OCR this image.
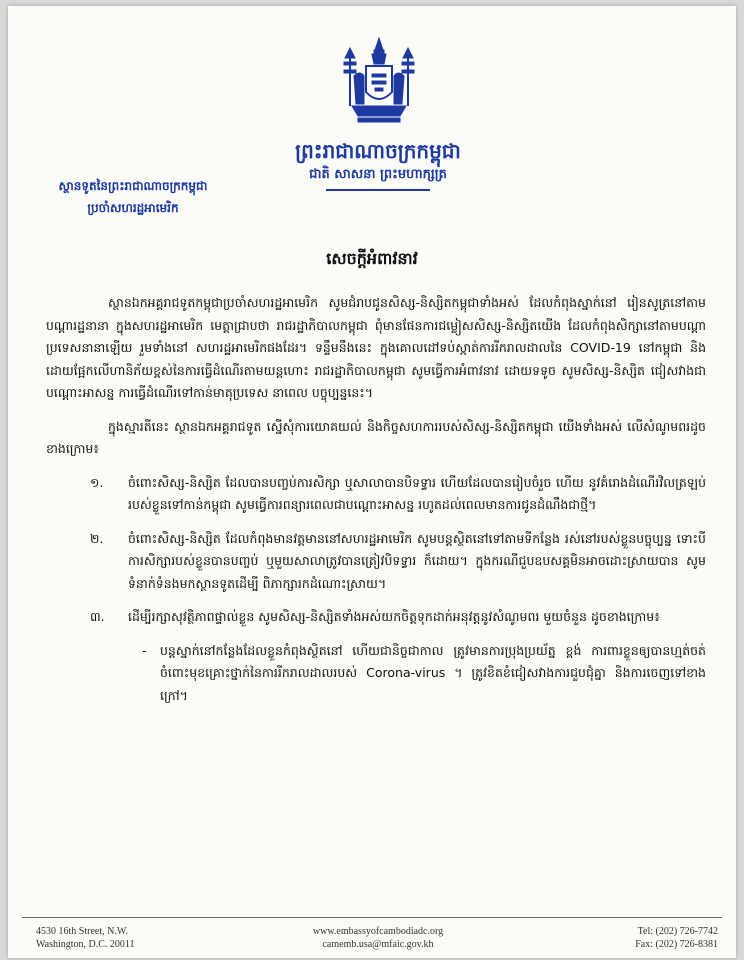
ព្រះរាជាណាចក្រកម្ពុជា
ជាតិ សាសនា ព្រះមហាក្សត្រ
ស្ថានទូតនៃព្រះរាជាណាចក្រកម្ពុជា
ប្រចាំសហរដ្ឋអាមេរិក
សេចក្តីអំពាវនាវ

ស្ថានឯកអគ្គរាជទូតកម្ពុជាប្រចាំសហរដ្ឋអាមេរិក សូមជំរាបជូនសិស្ស-និស្សិតកម្ពុជាទាំងអស់ ដែលកំពុងស្នាក់នៅ រៀនសូត្រនៅតាមបណ្តារដ្ឋនានា ក្នុងសហរដ្ឋអាមេរិក មេត្តាជ្រាបថា រាជរដ្ឋាភិបាលកម្ពុជា ពុំមានផែនការជម្លៀសសិស្ស-និស្សិតយើង ដែលកំពុងសិក្សានៅតាមបណ្តាប្រទេសនានាឡើយ រួមទាំងនៅ សហរដ្ឋអាមេរិកផងដែរ។ ទន្ទឹមនឹងនេះ ក្នុងគោលដៅទប់ស្កាត់ការរីករាលដាលនៃ COVID-19 នៅកម្ពុជា និងដោយផ្អែកលើហានិភ័យខ្ពស់នៃការធ្វើដំណើរតាមយន្តហោះ រាជរដ្ឋាភិបាលកម្ពុជា សូមធ្វើការអំពាវនាវ ដោយទទូច សូមសិស្ស-និស្សិត ជៀសវាងជាបណ្តោះអាសន្ន ការធ្វើដំណើរទៅកាន់មាតុប្រទេស នាពេល បច្ចុប្បន្ននេះ។

ក្នុងស្មារតីនេះ ស្ថានឯកអគ្គរាជទូត ស្នើសុំការយោគយល់ និងកិច្ចសហការរបស់សិស្ស-និស្សិតកម្ពុជា យើងទាំងអស់ លើសំណូមពរដូចខាងក្រោម៖

១. ចំពោះសិស្ស-និស្សិត ដែលបានបញ្ចប់ការសិក្សា ឬសាលាបានបិទទ្វារ ហើយដែលបានរៀបចំរួច ហើយ នូវគំរោងដំណើរវិលត្រឡប់របស់ខ្លួនទៅកាន់កម្ពុជា សូមធ្វើការពន្យារពេលជាបណ្តោះអាសន្ន រហូតដល់ពេលមានការជូនដំណឹងជាថ្មី។
២. ចំពោះសិស្ស-និស្សិត ដែលកំពុងមានវត្តមាននៅសហរដ្ឋអាមេរិក សូមបន្តស្ថិតនៅទៅតាមទីកន្លែង រស់នៅរបស់ខ្លួនបច្ចុប្បន្ន ទោះបីការសិក្សារបស់ខ្លួនបានបញ្ចប់ ឬមួយសាលាត្រូវបានត្រៀវបិទទ្វារ ក៏ដោយ។ ក្នុងករណីជួបឧបសគ្គមិនអាចដោះស្រាយបាន សូមទំនាក់ទំនងមកស្ថានទូតដើម្បី ពិភាក្សារកដំណោះស្រាយ។
៣. ដើម្បីរក្សាសុវត្ថិភាពផ្ទាល់ខ្លួន សូមសិស្ស-និស្សិតទាំងអស់យកចិត្តទុកដាក់អនុវត្តនូវសំណូមពរ មួយចំនួន ដូចខាងក្រោម៖
- បន្តស្នាក់នៅកន្លែងដែលខ្លួនកំពុងស្ថិតនៅ ហើយជានិច្ចជាកាល ត្រូវមានការប្រុងប្រយ័ត្ន ខ្ពង់ ការពារខ្លួនឲ្យបានហ្មត់ចត់ ចំពោះមុខគ្រោះថ្នាក់នៃការរីករាលដាលរបស់ Corona-virus ។ ត្រូវខិតខំជៀសវាងការជួបជុំគ្នា និងការចេញទៅខាងក្រៅ។
4530 16th Street, N.W.
Washington, D.C. 20011
www.embassyofcambodiadc.org
camemb.usa@mfaic.gov.kh
Tel: (202) 726-7742
Fax: (202) 726-8381
